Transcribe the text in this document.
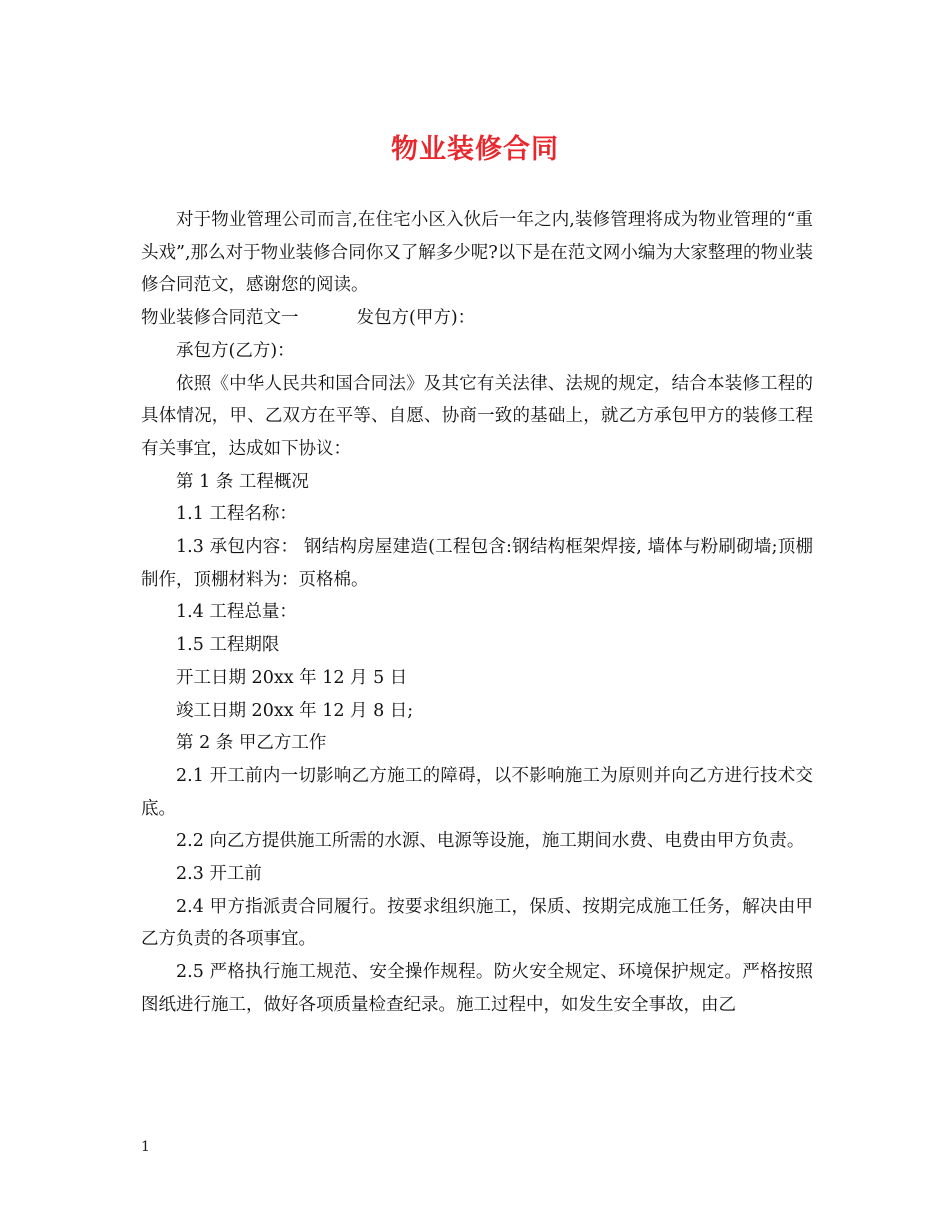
物业装修合同

对于物业管理公司而言,在住宅小区入伙后一年之内,装修管理将成为物业管理的“重头戏”,那么对于物业装修合同你又了解多少呢?以下是在范文网小编为大家整理的物业装修合同范文，感谢您的阅读。

物业装修合同范文一	发包方(甲方)：

承包方(乙方)：

依照《中华人民共和国合同法》及其它有关法律、法规的规定，结合本装修工程的具体情况，甲、乙双方在平等、自愿、协商一致的基础上，就乙方承包甲方的装修工程有关事宜，达成如下协议：

第 1 条 工程概况

1.1 工程名称：

1.3 承包内容： 钢结构房屋建造(工程包含:钢结构框架焊接, 墙体与粉刷砌墙;顶棚制作，顶棚材料为：页格棉。

1.4 工程总量：

1.5 工程期限

开工日期 20xx 年 12 月 5 日

竣工日期 20xx 年 12 月 8 日;

第 2 条 甲乙方工作

2.1 开工前内一切影响乙方施工的障碍，以不影响施工为原则并向乙方进行技术交底。

2.2 向乙方提供施工所需的水源、电源等设施，施工期间水费、电费由甲方负责。

2.3 开工前

2.4 甲方指派责合同履行。按要求组织施工，保质、按期完成施工任务，解决由甲乙方负责的各项事宜。

2.5 严格执行施工规范、安全操作规程。防火安全规定、环境保护规定。严格按照图纸进行施工，做好各项质量检查纪录。施工过程中，如发生安全事故，由乙

1
